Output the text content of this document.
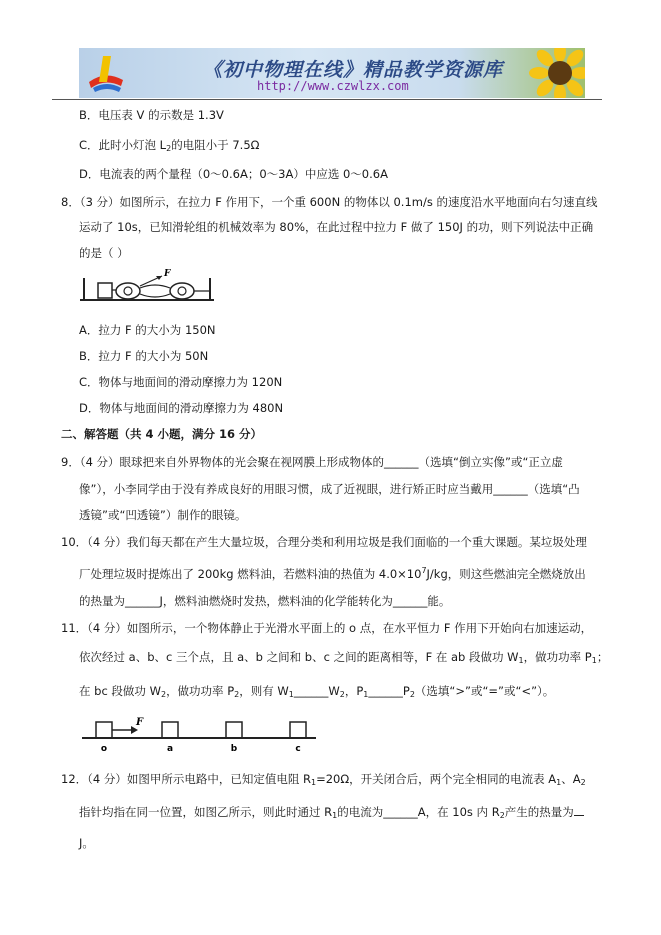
《初中物理在线》精品教学资源库
http://www.czwlzx.com
B．电压表 V 的示数是 1.3V
C．此时小灯泡 $L_2$的电阻小于 7.5Ω
D．电流表的两个量程（0～0.6A；0～3A）中应选 0～0.6A
8．（3 分）如图所示，在拉力 F 作用下，一个重 600N 的物体以 0.1m/s 的速度沿水平地面向右匀速直线
运动了 10s，已知滑轮组的机械效率为 80%，在此过程中拉力 F 做了 150J 的功，则下列说法中正确
的是（ ）
F
A．拉力 F 的大小为 150N
B．拉力 F 的大小为 50N
C．物体与地面间的滑动摩擦力为 120N
D．物体与地面间的滑动摩擦力为 480N
二、解答题（共 4 小题，满分 16 分）
9．（4 分）眼球把来自外界物体的光会聚在视网膜上形成物体的______（选填“倒立实像”或“正立虚
像”），小李同学由于没有养成良好的用眼习惯，成了近视眼，进行矫正时应当戴用______（选填“凸
透镜”或“凹透镜”）制作的眼镜。
10．（4 分）我们每天都在产生大量垃圾，合理分类和利用垃圾是我们面临的一个重大课题。某垃圾处理
厂处理垃圾时提炼出了 200kg 燃料油，若燃料油的热值为 $4.0\times 10^7J/kg$，则这些燃油完全燃烧放出
的热量为______J，燃料油燃烧时发热，燃料油的化学能转化为______能。
11．（4 分）如图所示，一个物体静止于光滑水平面上的 o 点，在水平恒力 F 作用下开始向右加速运动，
依次经过 a、b、c 三个点，且 a、b 之间和 b、c 之间的距离相等，F 在 ab 段做功 $W_1$，做功功率 $P_1$；
在 bc 段做功 $W_2$，做功功率 $P_2$，则有 $W_1\_\_\_\_\_\_W_2$，$P_1\_\_\_\_\_\_P_2$（选填“>”或“=”或“<”）。
F
o	a	b	c
12．（4 分）如图甲所示电路中，已知定值电阻 $R_1=20\Omega$，开关闭合后，两个完全相同的电流表 $A_1$、$A_2$
指针均指在同一位置，如图乙所示，则此时通过 $R_1$的电流为______A，在 10s 内 $R_2$产生的热量为
J。
